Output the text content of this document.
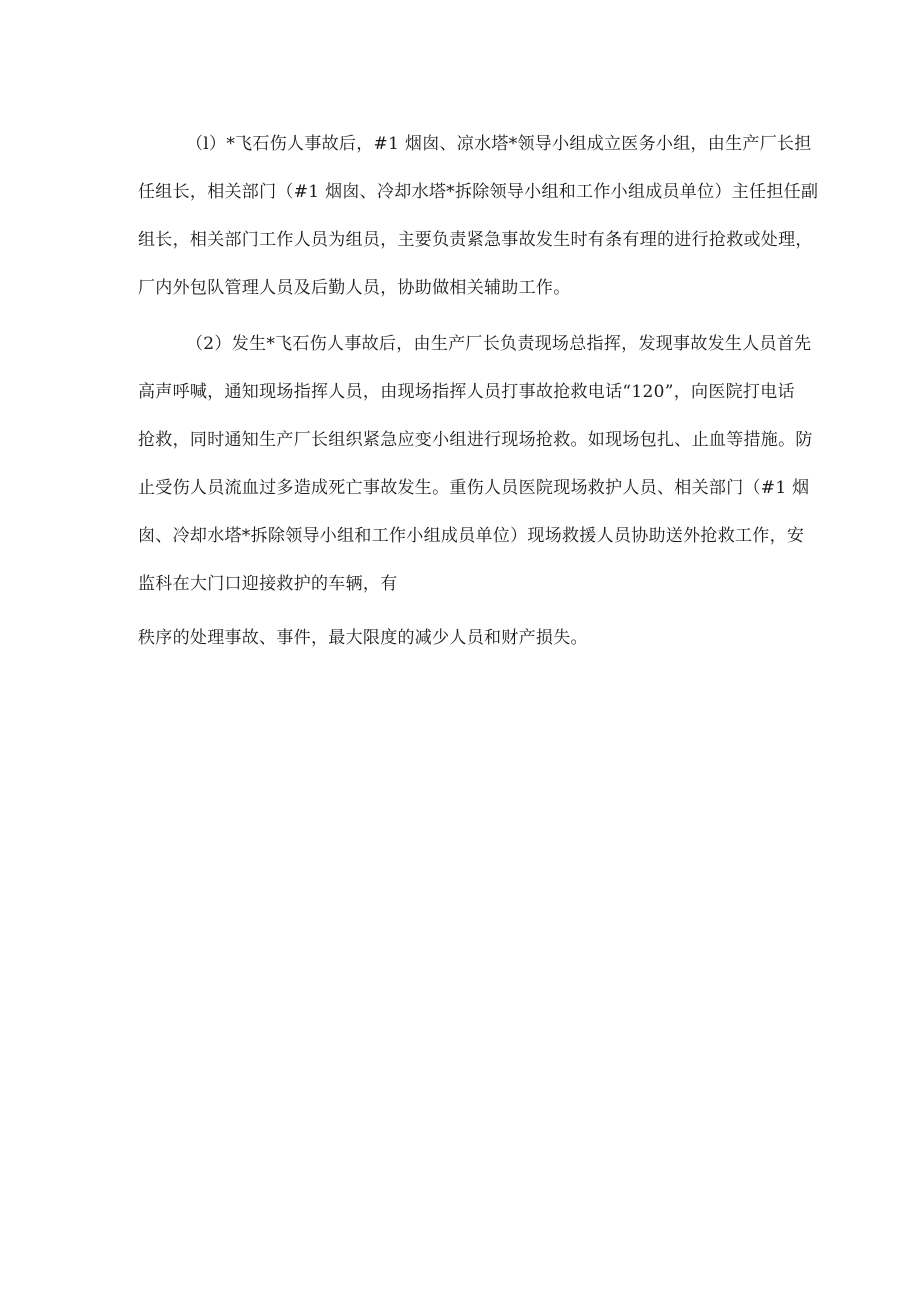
（l）*飞石伤人事故后，#1 烟囱、凉水塔*领导小组成立医务小组，由生产厂长担
任组长，相关部门（#1 烟囱、冷却水塔*拆除领导小组和工作小组成员单位）主任担任副
组长，相关部门工作人员为组员，主要负责紧急事故发生时有条有理的进行抢救或处理，
厂内外包队管理人员及后勤人员，协助做相关辅助工作。
（2）发生*飞石伤人事故后，由生产厂长负责现场总指挥，发现事故发生人员首先
高声呼喊，通知现场指挥人员，由现场指挥人员打事故抢救电话“120”，向医院打电话
抢救，同时通知生产厂长组织紧急应变小组进行现场抢救。如现场包扎、止血等措施。防
止受伤人员流血过多造成死亡事故发生。重伤人员医院现场救护人员、相关部门（#1 烟
囱、冷却水塔*拆除领导小组和工作小组成员单位）现场救援人员协助送外抢救工作，安
监科在大门口迎接救护的车辆，有
秩序的处理事故、事件，最大限度的减少人员和财产损失。
